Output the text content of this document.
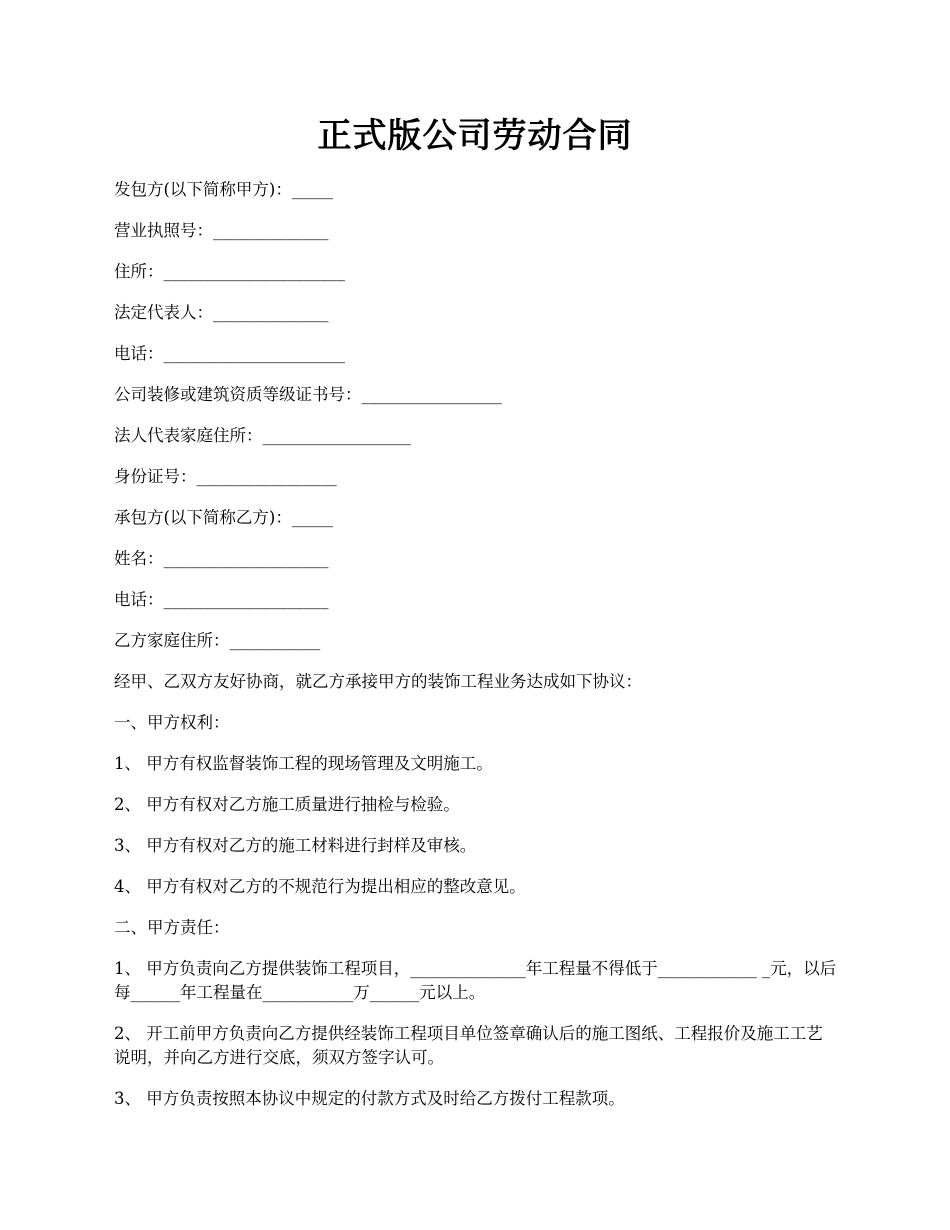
正式版公司劳动合同

发包方(以下简称甲方)：_____

营业执照号：______________

住所：______________________

法定代表人：______________

电话：______________________

公司装修或建筑资质等级证书号：_________________

法人代表家庭住所：__________________

身份证号：_________________

承包方(以下简称乙方)：_____

姓名：____________________

电话：____________________

乙方家庭住所：___________

经甲、乙双方友好协商，就乙方承接甲方的装饰工程业务达成如下协议：

一、甲方权利：

1、 甲方有权监督装饰工程的现场管理及文明施工。

2、 甲方有权对乙方施工质量进行抽检与检验。

3、 甲方有权对乙方的施工材料进行封样及审核。

4、 甲方有权对乙方的不规范行为提出相应的整改意见。

二、甲方责任：

1、 甲方负责向乙方提供装饰工程项目，______________年工程量不得低于____________ _元，以后每______年工程量在___________万______元以上。

2、 开工前甲方负责向乙方提供经装饰工程项目单位签章确认后的施工图纸、工程报价及施工工艺说明，并向乙方进行交底，须双方签字认可。

3、 甲方负责按照本协议中规定的付款方式及时给乙方拨付工程款项。
